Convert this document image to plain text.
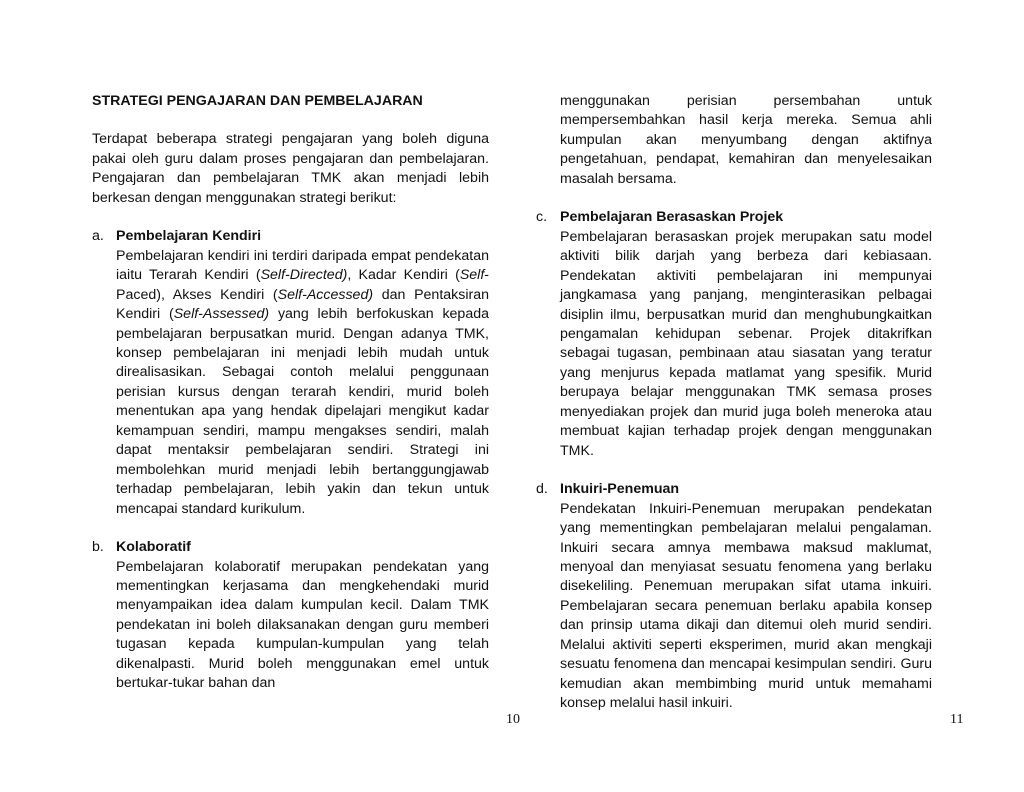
STRATEGI PENGAJARAN DAN PEMBELAJARAN

Terdapat beberapa strategi pengajaran yang boleh diguna pakai oleh guru dalam proses pengajaran dan pembelajaran. Pengajaran dan pembelajaran TMK akan menjadi lebih berkesan dengan menggunakan strategi berikut:

a. Pembelajaran Kendiri

Pembelajaran kendiri ini terdiri daripada empat pendekatan iaitu Terarah Kendiri (Self-Directed), Kadar Kendiri (Self-Paced), Akses Kendiri (Self-Accessed) dan Pentaksiran Kendiri (Self-Assessed) yang lebih berfokuskan kepada pembelajaran berpusatkan murid. Dengan adanya TMK, konsep pembelajaran ini menjadi lebih mudah untuk direalisasikan. Sebagai contoh melalui penggunaan perisian kursus dengan terarah kendiri, murid boleh menentukan apa yang hendak dipelajari mengikut kadar kemampuan sendiri, mampu mengakses sendiri, malah dapat mentaksir pembelajaran sendiri. Strategi ini membolehkan murid menjadi lebih bertanggungjawab terhadap pembelajaran, lebih yakin dan tekun untuk mencapai standard kurikulum.

b. Kolaboratif

Pembelajaran kolaboratif merupakan pendekatan yang mementingkan kerjasama dan mengkehendaki murid menyampaikan idea dalam kumpulan kecil. Dalam TMK pendekatan ini boleh dilaksanakan dengan guru memberi tugasan kepada kumpulan-kumpulan yang telah dikenalpasti. Murid boleh menggunakan emel untuk bertukar-tukar bahan dan

menggunakan perisian persembahan untuk mempersembahkan hasil kerja mereka. Semua ahli kumpulan akan menyumbang dengan aktifnya pengetahuan, pendapat, kemahiran dan menyelesaikan masalah bersama.

c. Pembelajaran Berasaskan Projek

Pembelajaran berasaskan projek merupakan satu model aktiviti bilik darjah yang berbeza dari kebiasaan. Pendekatan aktiviti pembelajaran ini mempunyai jangkamasa yang panjang, menginterasikan pelbagai disiplin ilmu, berpusatkan murid dan menghubungkaitkan pengamalan kehidupan sebenar. Projek ditakrifkan sebagai tugasan, pembinaan atau siasatan yang teratur yang menjurus kepada matlamat yang spesifik. Murid berupaya belajar menggunakan TMK semasa proses menyediakan projek dan murid juga boleh meneroka atau membuat kajian terhadap projek dengan menggunakan TMK.

d. Inkuiri-Penemuan

Pendekatan Inkuiri-Penemuan merupakan pendekatan yang mementingkan pembelajaran melalui pengalaman. Inkuiri secara amnya membawa maksud maklumat, menyoal dan menyiasat sesuatu fenomena yang berlaku disekeliling. Penemuan merupakan sifat utama inkuiri. Pembelajaran secara penemuan berlaku apabila konsep dan prinsip utama dikaji dan ditemui oleh murid sendiri. Melalui aktiviti seperti eksperimen, murid akan mengkaji sesuatu fenomena dan mencapai kesimpulan sendiri. Guru kemudian akan membimbing murid untuk memahami konsep melalui hasil inkuiri.

10	11
